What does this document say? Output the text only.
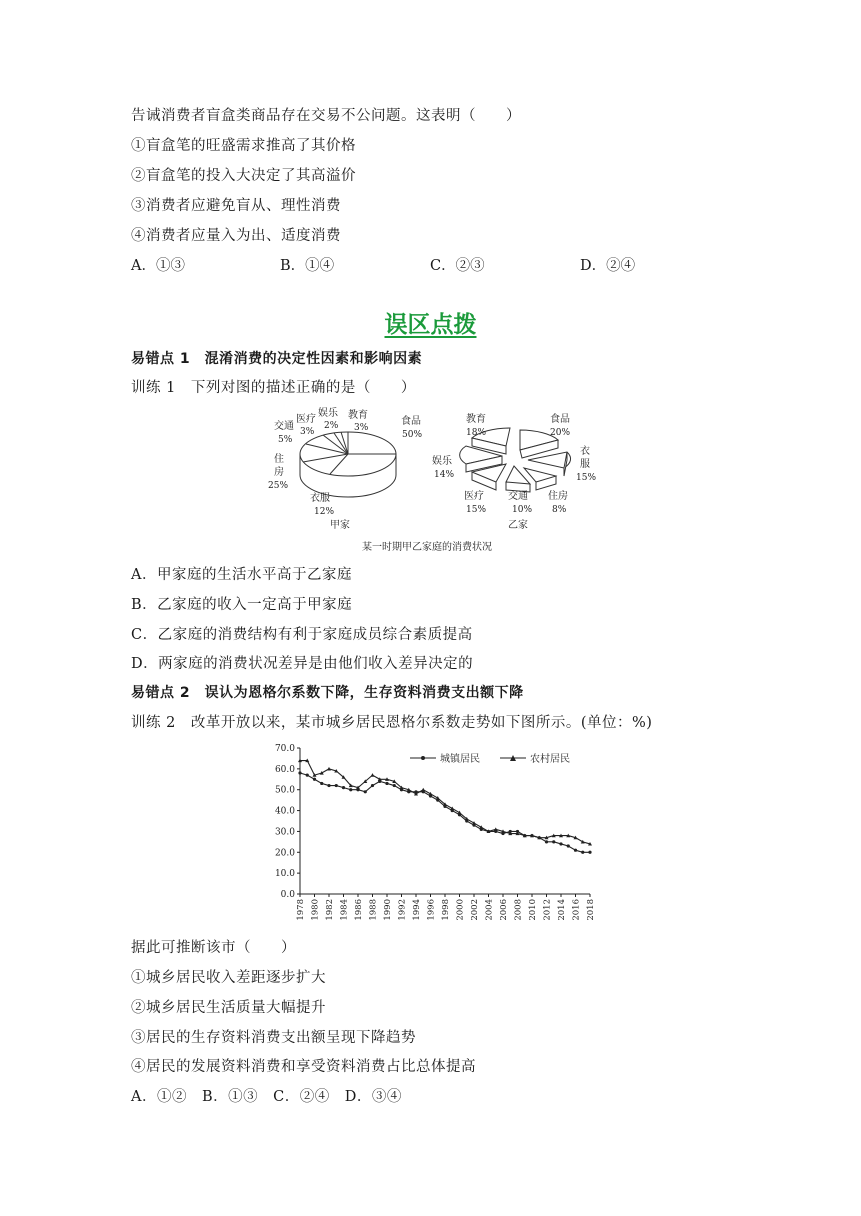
告诫消费者盲盒类商品存在交易不公问题。这表明（　　）
①盲盒笔的旺盛需求推高了其价格
②盲盒笔的投入大决定了其高溢价
③消费者应避免盲从、理性消费
④消费者应量入为出、适度消费
A．①③	B．①④	C．②③	D．②④
误区点拨
易错点 1　混淆消费的决定性因素和影响因素
训练 1　下列对图的描述正确的是（　　）
食品
50%
教育
3%
娱乐
2%
医疗
3%
交通
5%
住
房
25%
衣服
12%
甲家
教育
18%
食品
20%
衣
服
15%
娱乐
14%
医疗
15%
交通
10%
住房
8%
乙家
某一时期甲乙家庭的消费状况
A．甲家庭的生活水平高于乙家庭
B．乙家庭的收入一定高于甲家庭
C．乙家庭的消费结构有利于家庭成员综合素质提高
D．两家庭的消费状况差异是由他们收入差异决定的
易错点 2　误认为恩格尔系数下降，生存资料消费支出额下降
训练 2　改革开放以来，某市城乡居民恩格尔系数走势如下图所示。(单位：%)
0.0
10.0
20.0
30.0
40.0
50.0
60.0
70.0
1978 1980 1982 1984 1986 1988 1990 1992 1994 1996 1998 2000 2002 2004 2006 2008 2010 2012 2014 2016 2018
城镇居民	农村居民
据此可推断该市（　　）
①城乡居民收入差距逐步扩大
②城乡居民生活质量大幅提升
③居民的生存资料消费支出额呈现下降趋势
④居民的发展资料消费和享受资料消费占比总体提高
A．①②　B．①③　C．②④　D．③④
